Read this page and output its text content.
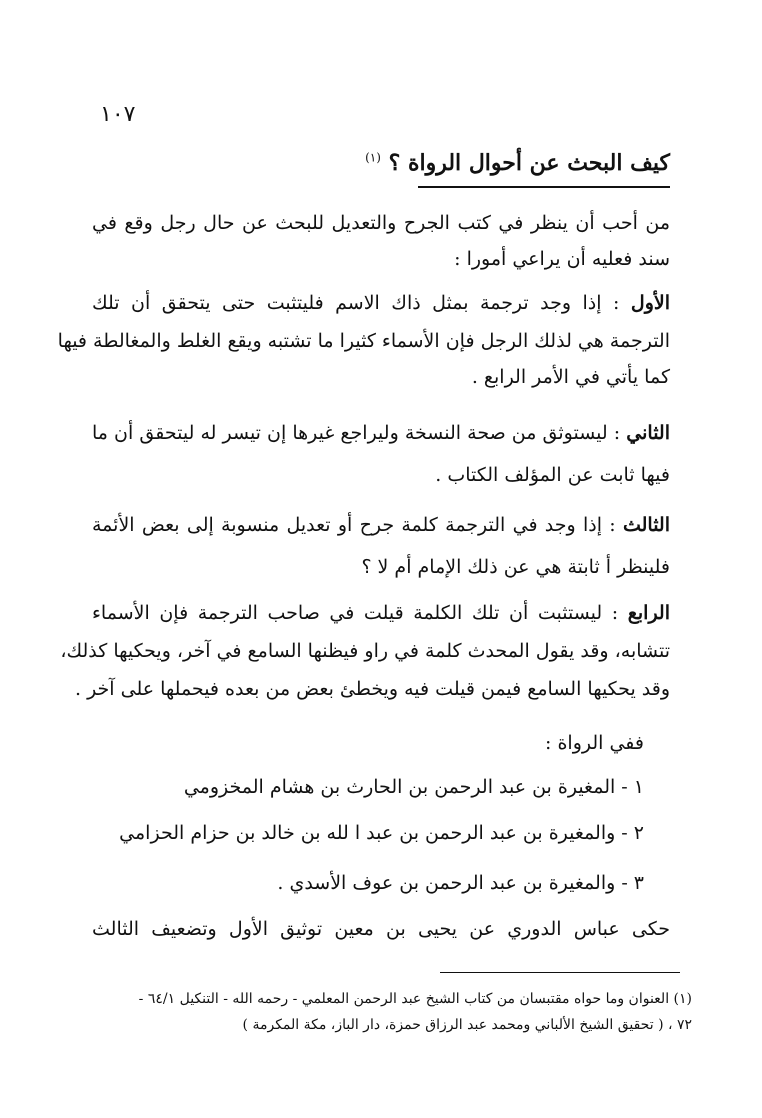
١٠٧
كيف البحث عن أحوال الرواة ؟ $^{(١)}$
من أحب أن ينظر في كتب الجرح والتعديل للبحث عن حال رجل وقع في
سند فعليه أن يراعي أمورا :
الأول : إذا وجد ترجمة بمثل ذاك الاسم فليتثبت حتى يتحقق أن تلك
الترجمة هي لذلك الرجل فإن الأسماء كثيرا ما تشتبه ويقع الغلط والمغالطة فيها
كما يأتي في الأمر الرابع .
الثاني : ليستوثق من صحة النسخة وليراجع غيرها إن تيسر له ليتحقق أن ما
فيها ثابت عن المؤلف الكتاب .
الثالث : إذا وجد في الترجمة كلمة جرح أو تعديل منسوبة إلى بعض الأئمة
فلينظر أ ثابتة هي عن ذلك الإمام أم لا ؟
الرابع : ليستثبت أن تلك الكلمة قيلت في صاحب الترجمة فإن الأسماء
تتشابه، وقد يقول المحدث كلمة في راو فيظنها السامع في آخر، ويحكيها كذلك،
وقد يحكيها السامع فيمن قيلت فيه ويخطئ بعض من بعده فيحملها على آخر .
ففي الرواة :
١ - المغيرة بن عبد الرحمن بن الحارث بن هشام المخزومي
٢ - والمغيرة بن عبد الرحمن بن عبد ا لله بن خالد بن حزام الحزامي
٣ - والمغيرة بن عبد الرحمن بن عوف الأسدي .
حكى عباس الدوري عن يحيى بن معين توثيق الأول وتضعيف الثالث
(١) العنوان وما حواه مقتبسان من كتاب الشيخ عبد الرحمن المعلمي - رحمه الله - التنكيل ٦٤/١ -
٧٢ ، ( تحقيق الشيخ الألباني ومحمد عبد الرزاق حمزة، دار الباز، مكة المكرمة )
